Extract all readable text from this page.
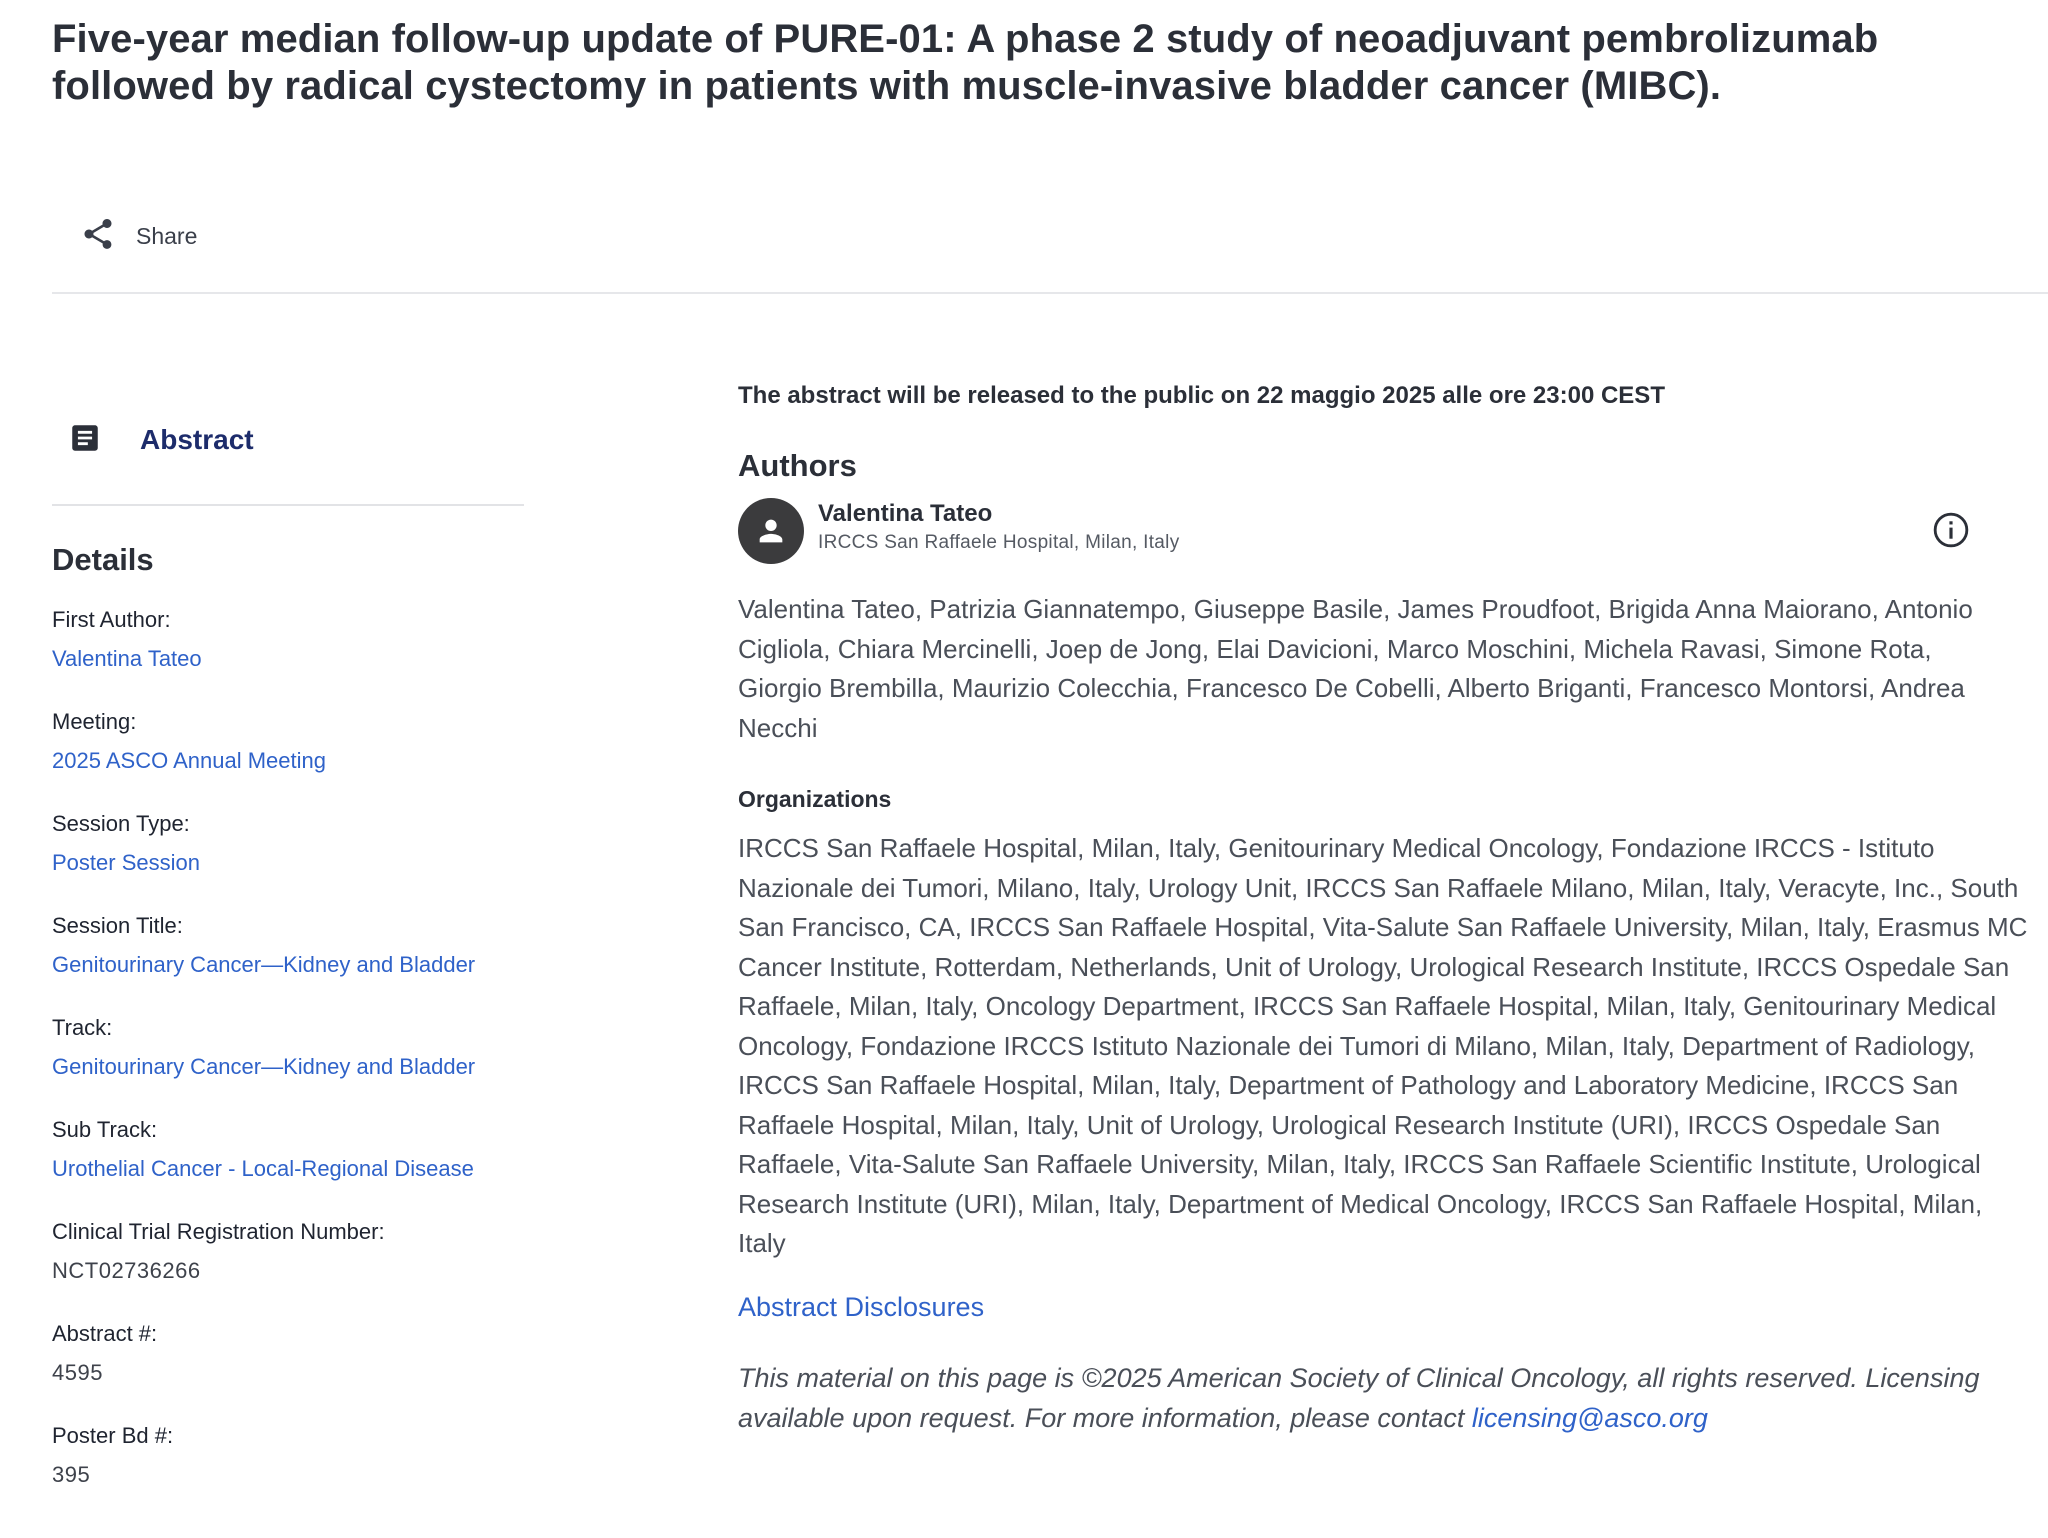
Five-year median follow-up update of PURE-01: A phase 2 study of neoadjuvant pembrolizumab followed by radical cystectomy in patients with muscle-invasive bladder cancer (MIBC).
Share
Abstract
Details
First Author:
Valentina Tateo
Meeting:
2025 ASCO Annual Meeting
Session Type:
Poster Session
Session Title:
Genitourinary Cancer—Kidney and Bladder
Track:
Genitourinary Cancer—Kidney and Bladder
Sub Track:
Urothelial Cancer - Local-Regional Disease
Clinical Trial Registration Number:
NCT02736266
Abstract #:
4595
Poster Bd #:
395
The abstract will be released to the public on 22 maggio 2025 alle ore 23:00 CEST
Authors
Valentina Tateo
IRCCS San Raffaele Hospital, Milan, Italy

Valentina Tateo, Patrizia Giannatempo, Giuseppe Basile, James Proudfoot, Brigida Anna Maiorano, Antonio Cigliola, Chiara Mercinelli, Joep de Jong, Elai Davicioni, Marco Moschini, Michela Ravasi, Simone Rota, Giorgio Brembilla, Maurizio Colecchia, Francesco De Cobelli, Alberto Briganti, Francesco Montorsi, Andrea Necchi

Organizations

IRCCS San Raffaele Hospital, Milan, Italy, Genitourinary Medical Oncology, Fondazione IRCCS - Istituto Nazionale dei Tumori, Milano, Italy, Urology Unit, IRCCS San Raffaele Milano, Milan, Italy, Veracyte, Inc., South San Francisco, CA, IRCCS San Raffaele Hospital, Vita-Salute San Raffaele University, Milan, Italy, Erasmus MC Cancer Institute, Rotterdam, Netherlands, Unit of Urology, Urological Research Institute, IRCCS Ospedale San Raffaele, Milan, Italy, Oncology Department, IRCCS San Raffaele Hospital, Milan, Italy, Genitourinary Medical Oncology, Fondazione IRCCS Istituto Nazionale dei Tumori di Milano, Milan, Italy, Department of Radiology, IRCCS San Raffaele Hospital, Milan, Italy, Department of Pathology and Laboratory Medicine, IRCCS San Raffaele Hospital, Milan, Italy, Unit of Urology, Urological Research Institute (URI), IRCCS Ospedale San Raffaele, Vita-Salute San Raffaele University, Milan, Italy, IRCCS San Raffaele Scientific Institute, Urological Research Institute (URI), Milan, Italy, Department of Medical Oncology, IRCCS San Raffaele Hospital, Milan, Italy

Abstract Disclosures

This material on this page is ©2025 American Society of Clinical Oncology, all rights reserved. Licensing available upon request. For more information, please contact licensing@asco.org
